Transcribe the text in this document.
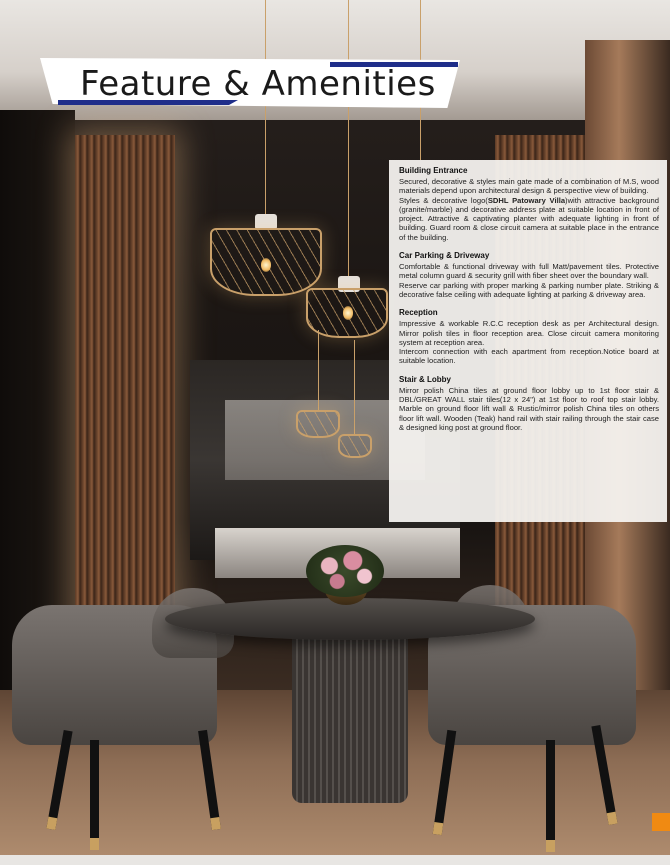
Feature & Amenities
Building Entrance

Secured, decorative & styles main gate made of a combination of M.S, wood materials depend upon architectural design & perspective view of building.

Styles & decorative logo(SDHL Patowary Villa)with attractive background (granite/marble) and decorative address plate at suitable location in front of project. Attractive & captivating planter with adequate lighting in front of building. Guard room & close circuit camera at suitable place in the entrance of the building.

Car Parking & Driveway

Comfortable & functional driveway with full Matt/pavement tiles. Protective metal column guard & security grill with fiber sheet over the boundary wall.

Reserve car parking with proper marking & parking number plate. Striking & decorative false ceiling with adequate lighting at parking & driveway area.

Reception

Impressive & workable R.C.C reception desk as per Architectural design. Mirror polish tiles in floor reception area. Close circuit camera monitoring system at reception area.

Intercom connection with each apartment from reception.Notice board at suitable location.

Stair & Lobby

Mirror polish China tiles at ground floor lobby up to 1st floor stair & DBL/GREAT WALL stair tiles(12 x 24") at 1st floor to roof top stair lobby. Marble on ground floor lift wall & Rustic/mirror polish China tiles on others floor lift wall. Wooden (Teak) hand rail with stair railing through the stair case & designed king post at ground floor.
